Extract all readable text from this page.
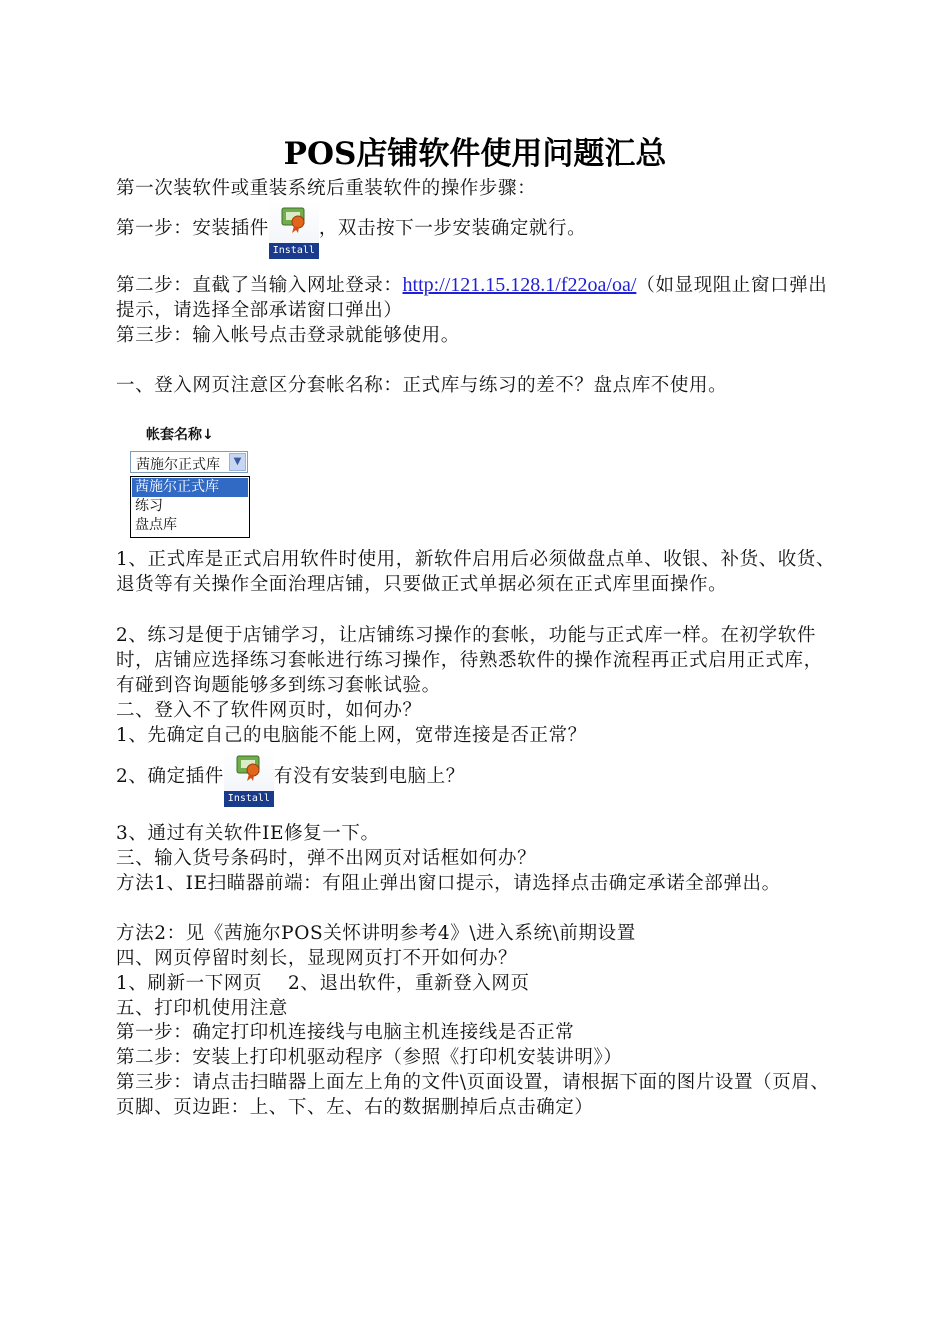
POS店铺软件使用问题汇总
第一次装软件或重装系统后重装软件的操作步骤：
第一步：安装插件
Install
，双击按下一步安装确定就行。
第二步：直截了当输入网址登录：http://121.15.128.1/f22oa/oa/（如显现阻止窗口弹出提示，请选择全部承诺窗口弹出）
第三步：输入帐号点击登录就能够使用。
一、登入网页注意区分套帐名称：正式库与练习的差不？盘点库不使用。
帐套名称↓
茜施尔正式库	▼
茜施尔正式库
练习
盘点库
1、正式库是正式启用软件时使用，新软件启用后必须做盘点单、收银、补货、收货、退货等有关操作全面治理店铺，只要做正式单据必须在正式库里面操作。
2、练习是便于店铺学习，让店铺练习操作的套帐，功能与正式库一样。在初学软件时，店铺应选择练习套帐进行练习操作，待熟悉软件的操作流程再正式启用正式库，有碰到咨询题能够多到练习套帐试验。
二、登入不了软件网页时，如何办？
1、先确定自己的电脑能不能上网，宽带连接是否正常？
2、确定插件
Install
有没有安装到电脑上？
3、通过有关软件IE修复一下。
三、输入货号条码时，弹不出网页对话框如何办？
方法1、IE扫瞄器前端：有阻止弹出窗口提示，请选择点击确定承诺全部弹出。
方法2：见《茜施尔POS关怀讲明参考4》\进入系统\前期设置
四、网页停留时刻长，显现网页打不开如何办？
1、刷新一下网页    2、退出软件，重新登入网页
五、打印机使用注意
第一步：确定打印机连接线与电脑主机连接线是否正常
第二步：安装上打印机驱动程序（参照《打印机安装讲明》）
第三步：请点击扫瞄器上面左上角的文件\页面设置，请根据下面的图片设置（页眉、页脚、页边距：上、下、左、右的数据删掉后点击确定）
